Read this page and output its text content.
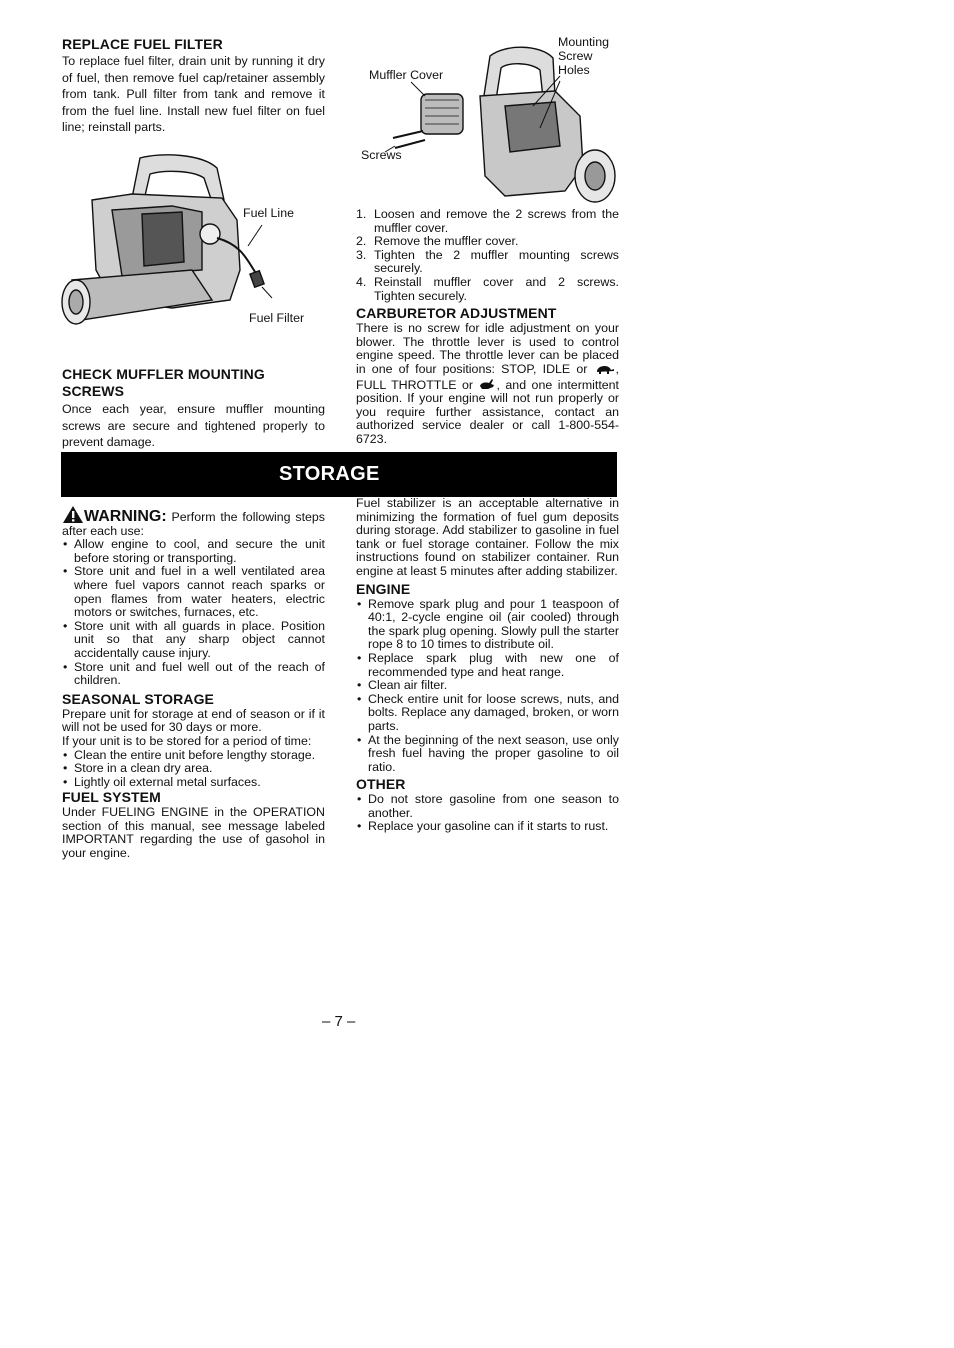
REPLACE FUEL FILTER

To replace fuel filter, drain unit by running it dry of fuel, then remove fuel cap/retainer assembly from tank. Pull filter from tank and remove it from the fuel line. Install new fuel filter on fuel line; reinstall parts.

Fuel Line
Fuel Filter
CHECK MUFFLER MOUNTING SCREWS

Once each year, ensure muffler mounting screws are secure and tightened properly to prevent damage.

Mounting Screw Holes
Muffler Cover
Screws
1. Loosen and remove the 2 screws from the muffler cover.
2. Remove the muffler cover.
3. Tighten the 2 muffler mounting screws securely.
4. Reinstall muffler cover and 2 screws. Tighten securely.
CARBURETOR ADJUSTMENT

There is no screw for idle adjustment on your blower. The throttle lever is used to control engine speed. The throttle lever can be placed in one of four positions: STOP, IDLE or , FULL THROTTLE or , and one intermittent position. If your engine will not run properly or you require further assistance, contact an authorized service dealer or call 1-800-554-6723.

STORAGE

WARNING: Perform the following steps after each use:

• Allow engine to cool, and secure the unit before storing or transporting.
• Store unit and fuel in a well ventilated area where fuel vapors cannot reach sparks or open flames from water heaters, electric motors or switches, furnaces, etc.
• Store unit with all guards in place. Position unit so that any sharp object cannot accidentally cause injury.
• Store unit and fuel well out of the reach of children.
SEASONAL STORAGE

Prepare unit for storage at end of season or if it will not be used for 30 days or more.

If your unit is to be stored for a period of time:

• Clean the entire unit before lengthy storage.
• Store in a clean dry area.
• Lightly oil external metal surfaces.
FUEL SYSTEM

Under FUELING ENGINE in the OPERATION section of this manual, see message labeled IMPORTANT regarding the use of gasohol in your engine.

Fuel stabilizer is an acceptable alternative in minimizing the formation of fuel gum deposits during storage. Add stabilizer to gasoline in fuel tank or fuel storage container. Follow the mix instructions found on stabilizer container. Run engine at least 5 minutes after adding stabilizer.

ENGINE
• Remove spark plug and pour 1 teaspoon of 40:1, 2-cycle engine oil (air cooled) through the spark plug opening. Slowly pull the starter rope 8 to 10 times to distribute oil.
• Replace spark plug with new one of recommended type and heat range.
• Clean air filter.
• Check entire unit for loose screws, nuts, and bolts. Replace any damaged, broken, or worn parts.
• At the beginning of the next season, use only fresh fuel having the proper gasoline to oil ratio.
OTHER
• Do not store gasoline from one season to another.
• Replace your gasoline can if it starts to rust.
– 7 –
